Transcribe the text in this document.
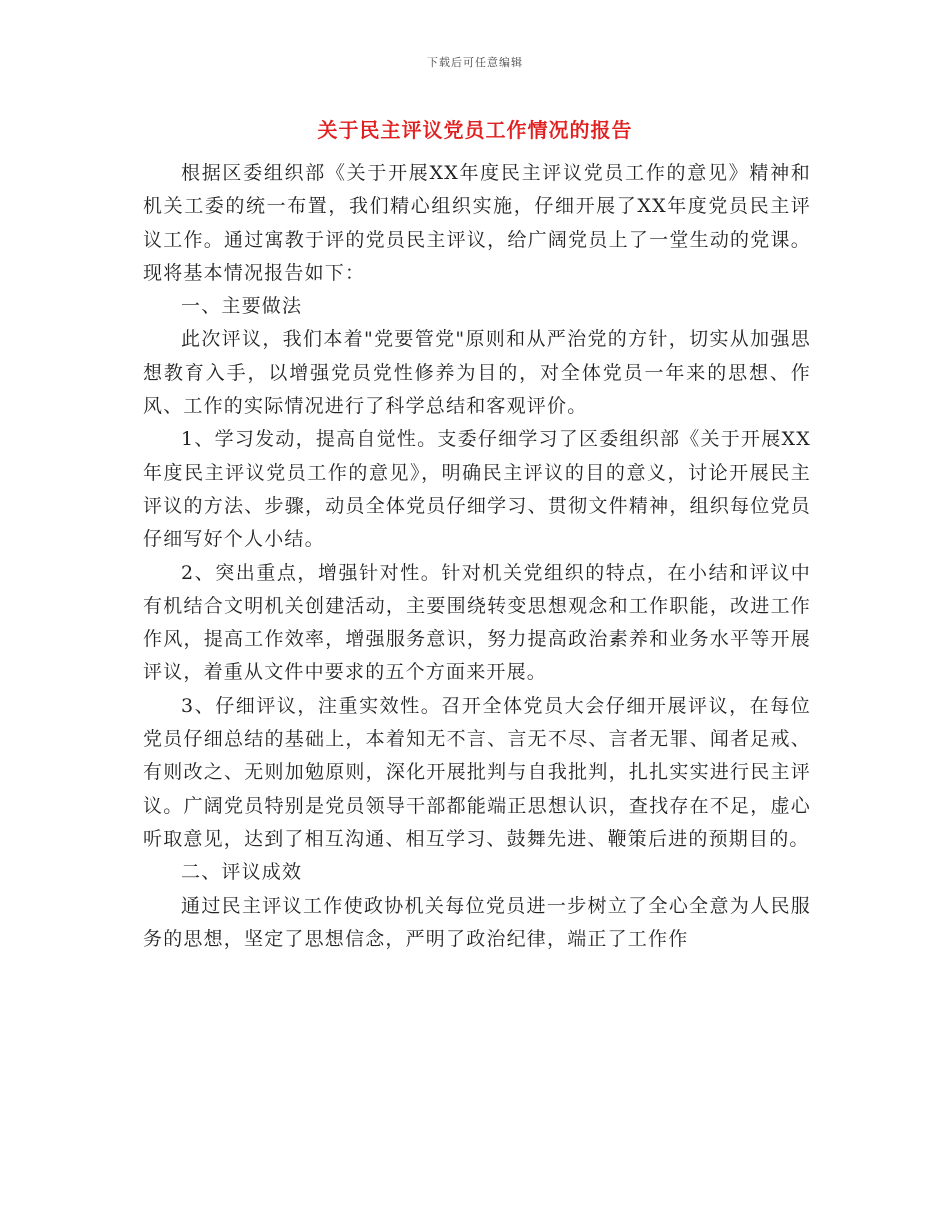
下载后可任意编辑
关于民主评议党员工作情况的报告

根据区委组织部《关于开展XX年度民主评议党员工作的意见》精神和机关工委的统一布置，我们精心组织实施，仔细开展了XX年度党员民主评议工作。通过寓教于评的党员民主评议，给广阔党员上了一堂生动的党课。现将基本情况报告如下：

一、主要做法

此次评议，我们本着"党要管党"原则和从严治党的方针，切实从加强思想教育入手，以增强党员党性修养为目的，对全体党员一年来的思想、作风、工作的实际情况进行了科学总结和客观评价。

1、学习发动，提高自觉性。支委仔细学习了区委组织部《关于开展XX年度民主评议党员工作的意见》，明确民主评议的目的意义，讨论开展民主评议的方法、步骤，动员全体党员仔细学习、贯彻文件精神，组织每位党员仔细写好个人小结。

2、突出重点，增强针对性。针对机关党组织的特点，在小结和评议中有机结合文明机关创建活动，主要围绕转变思想观念和工作职能，改进工作作风，提高工作效率，增强服务意识，努力提高政治素养和业务水平等开展评议，着重从文件中要求的五个方面来开展。

3、仔细评议，注重实效性。召开全体党员大会仔细开展评议，在每位党员仔细总结的基础上，本着知无不言、言无不尽、言者无罪、闻者足戒、有则改之、无则加勉原则，深化开展批判与自我批判，扎扎实实进行民主评议。广阔党员特别是党员领导干部都能端正思想认识，查找存在不足，虚心听取意见，达到了相互沟通、相互学习、鼓舞先进、鞭策后进的预期目的。

二、评议成效

通过民主评议工作使政协机关每位党员进一步树立了全心全意为人民服务的思想，坚定了思想信念，严明了政治纪律，端正了工作作
